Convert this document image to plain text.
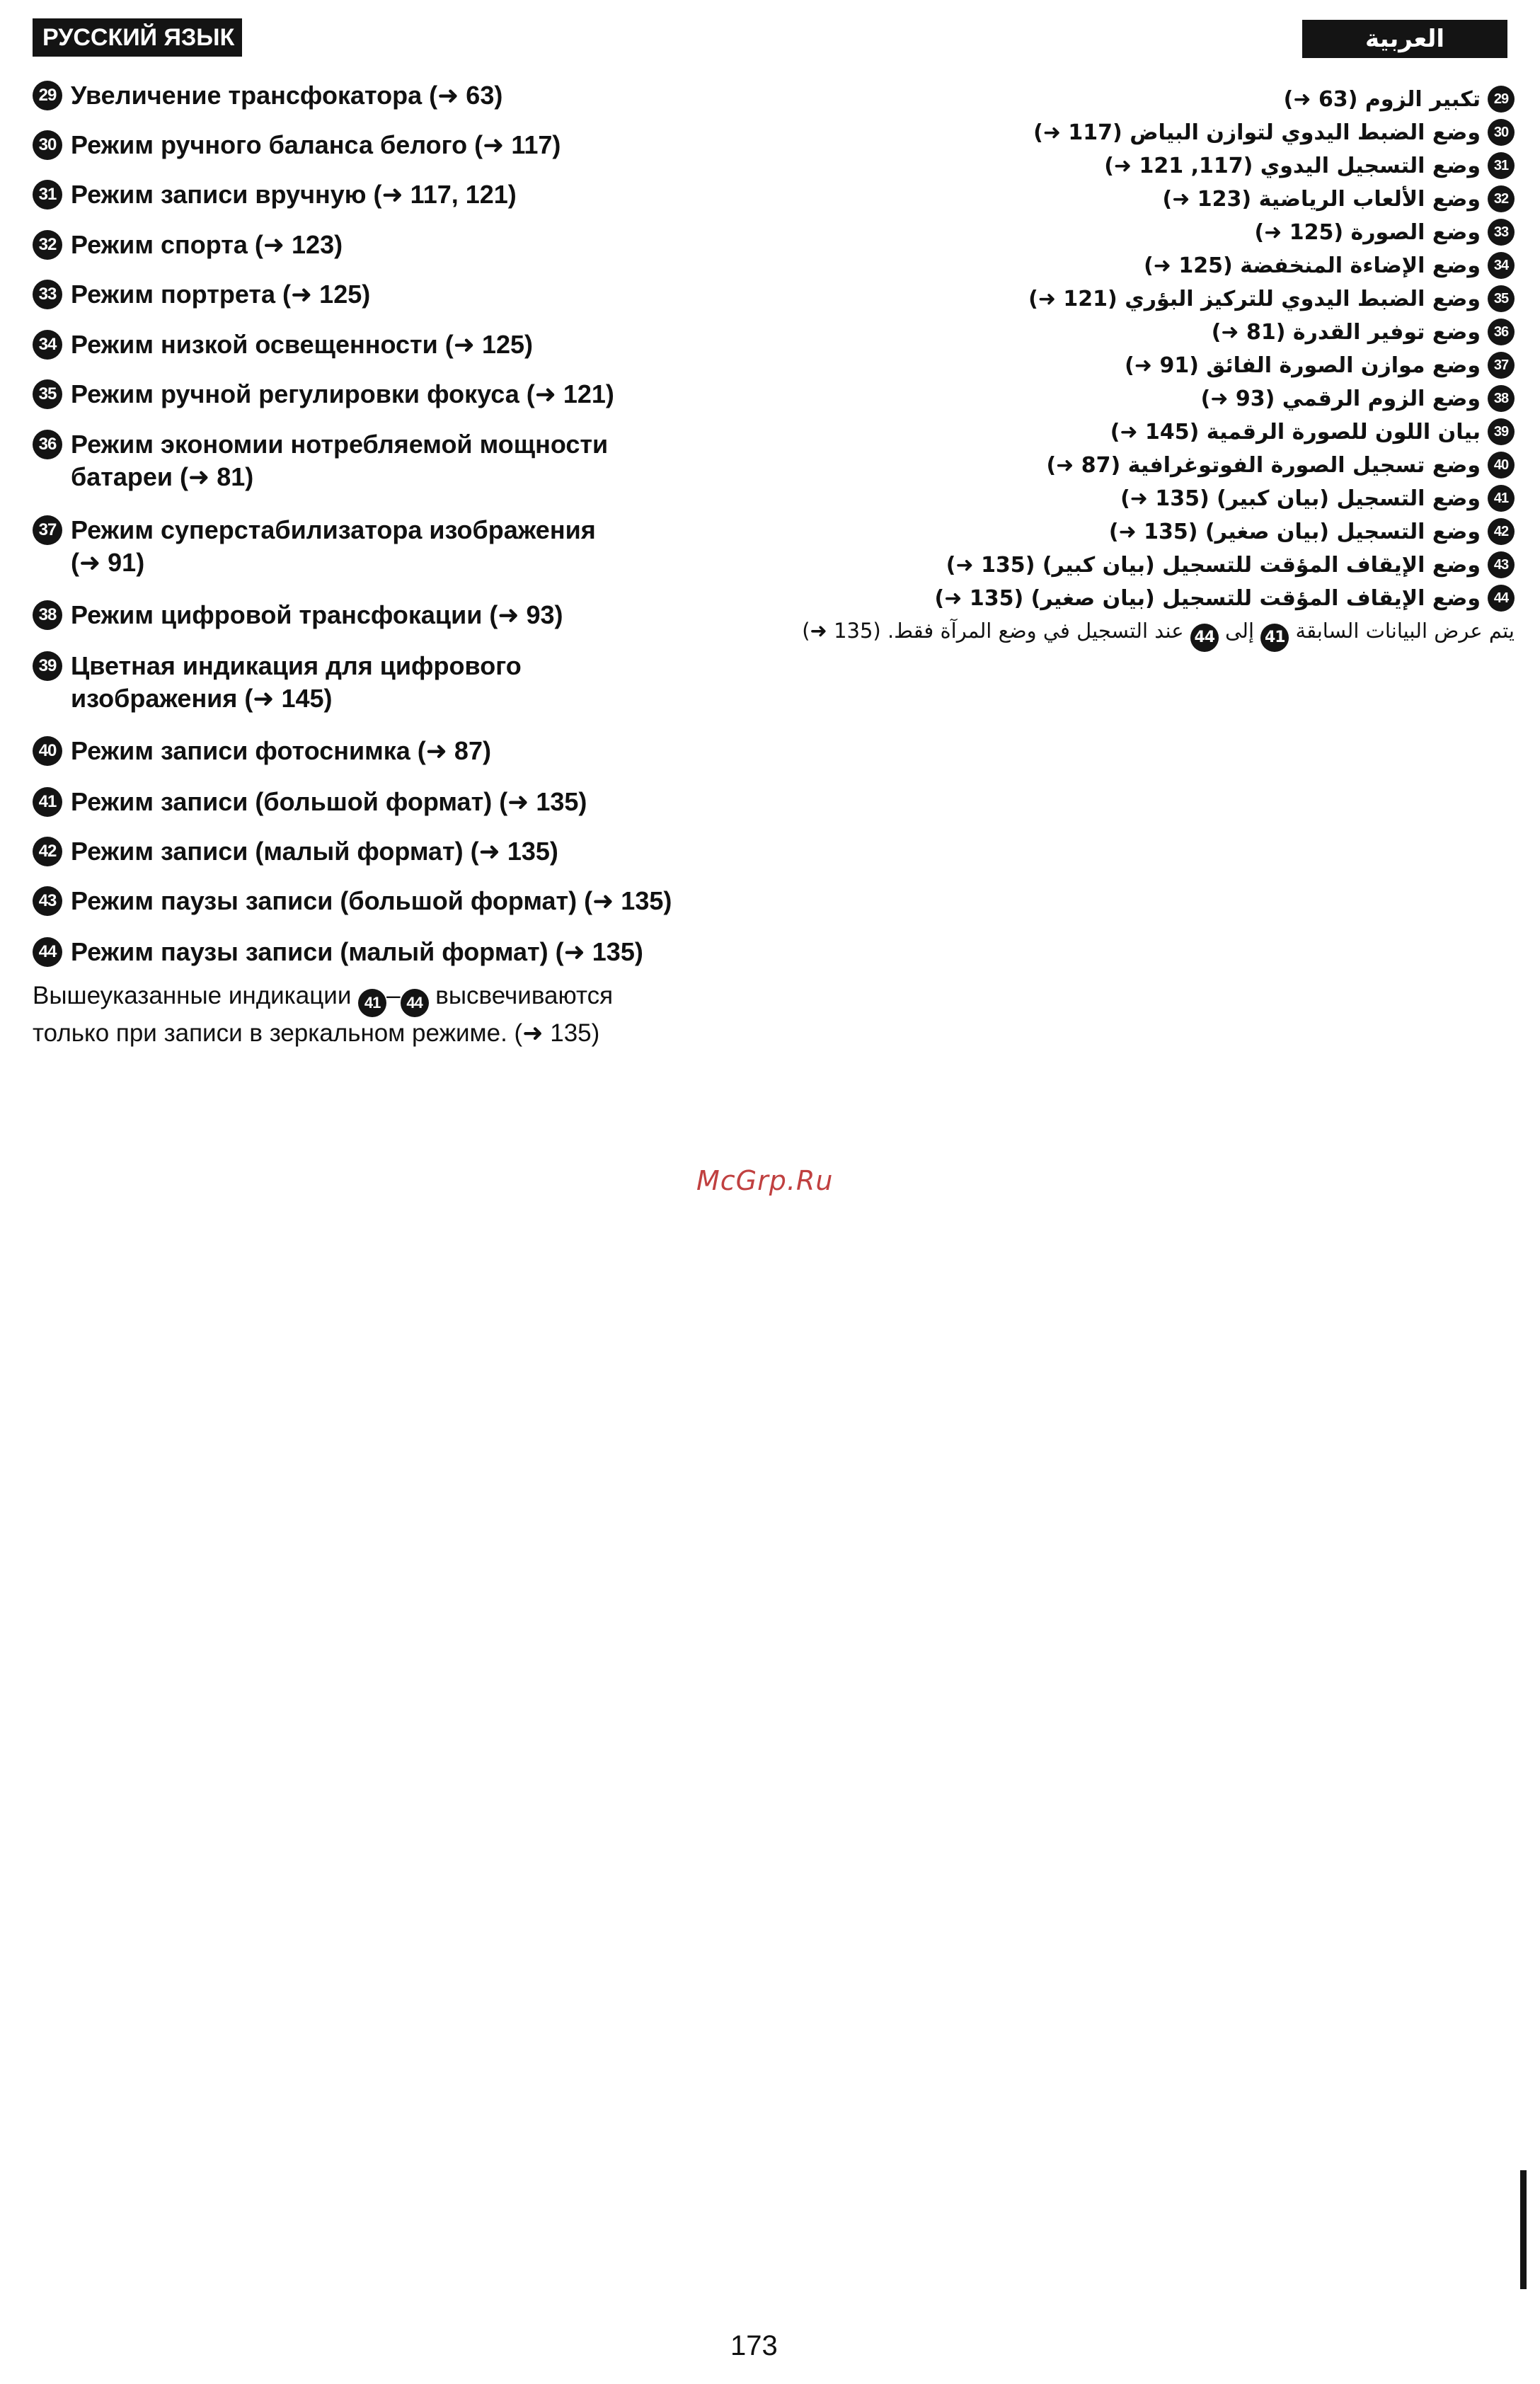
РУССКИЙ ЯЗЫК	العربية
29 Увеличение трансфокатора (➜ 63)
30 Режим ручного баланса белого (➜ 117)
31 Режим записи вручную (➜ 117, 121)
32 Режим спорта (➜ 123)
33 Режим портрета (➜ 125)
34 Режим низкой освещенности (➜ 125)
35 Режим ручной регулировки фокуса (➜ 121)
36 Режим экономии нотребляемой мощности
батареи (➜ 81)
37 Режим суперстабилизатора изображения
(➜ 91)
38 Режим цифровой трансфокации (➜ 93)
39 Цветная индикация для цифрового
изображения (➜ 145)
40 Режим записи фотоснимка (➜ 87)
41 Режим записи (большой формат) (➜ 135)
42 Режим записи (малый формат) (➜ 135)
43 Режим паузы записи (большой формат) (➜ 135)
44 Режим паузы записи (малый формат) (➜ 135)
Вышеуказанные индикации 41 – 44 высвечиваются
только при записи в зеркальном режиме. (➜ 135)
29
تكبير الزوم (63 ➜)
30
وضع الضبط اليدوي لتوازن البياض (117 ➜)
31
وضع التسجيل اليدوي (117, 121 ➜)
32
وضع الألعاب الرياضية (123 ➜)
33
وضع الصورة (125 ➜)
34
وضع الإضاءة المنخفضة (125 ➜)
35
وضع الضبط اليدوي للتركيز البؤري (121 ➜)
36
وضع توفير القدرة (81 ➜)
37
وضع موازن الصورة الفائق (91 ➜)
38
وضع الزوم الرقمي (93 ➜)
39
بيان اللون للصورة الرقمية (145 ➜)
40
وضع تسجيل الصورة الفوتوغرافية (87 ➜)
41
وضع التسجيل (بيان كبير) (135 ➜)
42
وضع التسجيل (بيان صغير) (135 ➜)
43
وضع الإيقاف المؤقت للتسجيل (بيان كبير) (135 ➜)
44
وضع الإيقاف المؤقت للتسجيل (بيان صغير) (135 ➜)
يتم عرض البيانات السابقة 41 إلى 44 عند التسجيل في وضع المرآة فقط. (135 ➜)
McGrp.Ru
173
